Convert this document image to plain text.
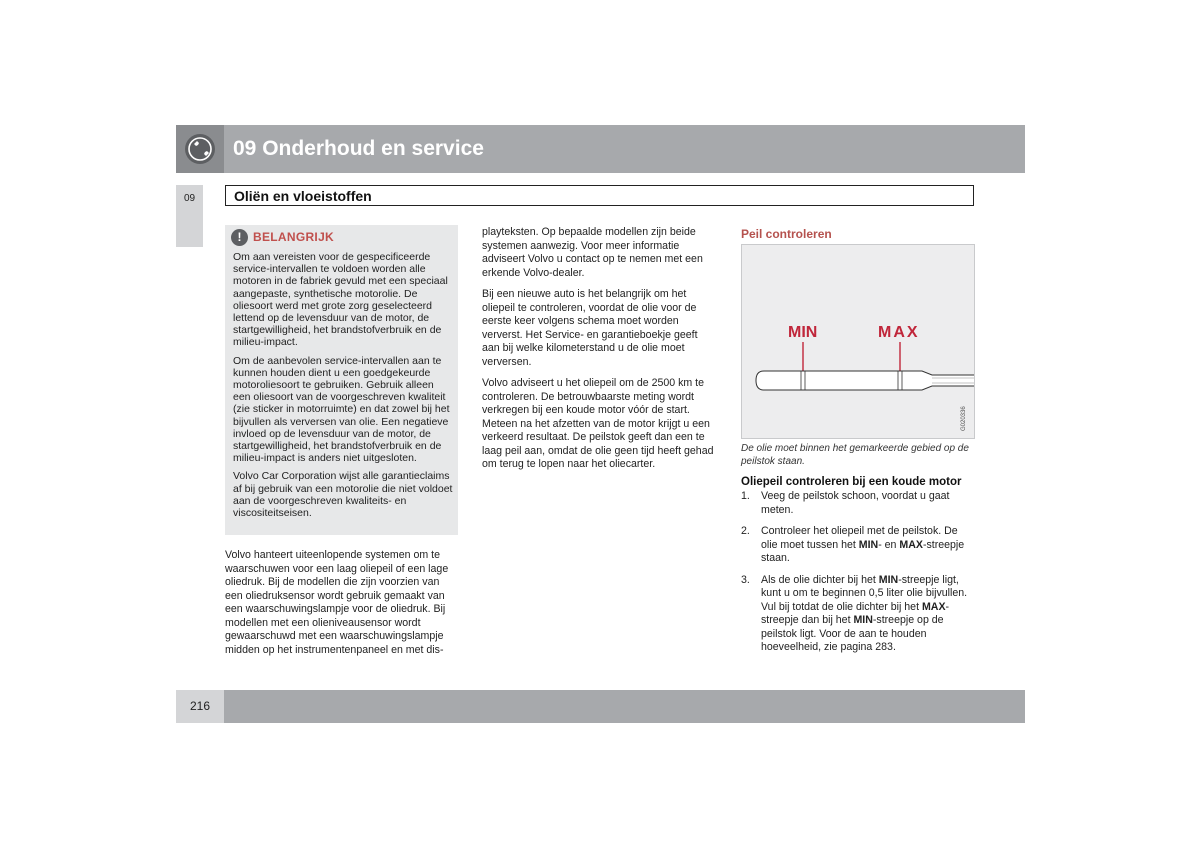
09 Onderhoud en service
09	Oliën en vloeistoffen
! BELANGRIJK

Om aan vereisten voor de gespecificeerde service-intervallen te voldoen worden alle motoren in de fabriek gevuld met een speciaal aangepaste, synthetische motorolie. De oliesoort werd met grote zorg geselecteerd lettend op de levensduur van de motor, de startgewilligheid, het brandstofverbruik en de milieu-impact.

Om de aanbevolen service-intervallen aan te kunnen houden dient u een goedgekeurde motoroliesoort te gebruiken. Gebruik alleen een oliesoort van de voorgeschreven kwaliteit (zie sticker in motorruimte) en dat zowel bij het bijvullen als verversen van olie. Een negatieve invloed op de levensduur van de motor, de startgewilligheid, het brandstofverbruik en de milieu-impact is anders niet uitgesloten.

Volvo Car Corporation wijst alle garantieclaims af bij gebruik van een motorolie die niet voldoet aan de voorgeschreven kwaliteits- en viscositeitseisen.

Volvo hanteert uiteenlopende systemen om te waarschuwen voor een laag oliepeil of een lage oliedruk. Bij de modellen die zijn voorzien van een oliedruksensor wordt gebruik gemaakt van een waarschuwingslampje voor de oliedruk. Bij modellen met een olieniveausensor wordt gewaarschuwd met een waarschuwingslampje midden op het instrumentenpaneel en met dis-

playteksten. Op bepaalde modellen zijn beide systemen aanwezig. Voor meer informatie adviseert Volvo u contact op te nemen met een erkende Volvo-dealer.

Bij een nieuwe auto is het belangrijk om het oliepeil te controleren, voordat de olie voor de eerste keer volgens schema moet worden ververst. Het Service- en garantieboekje geeft aan bij welke kilometerstand u de olie moet verversen.

Volvo adviseert u het oliepeil om de 2500 km te controleren. De betrouwbaarste meting wordt verkregen bij een koude motor vóór de start. Meteen na het afzetten van de motor krijgt u een verkeerd resultaat. De peilstok geeft dan een te laag peil aan, omdat de olie geen tijd heeft gehad om terug te lopen naar het oliecarter.

Peil controleren
MIN	MAX
G020336
De olie moet binnen het gemarkeerde gebied op de peilstok staan.
Oliepeil controleren bij een koude motor
1. Veeg de peilstok schoon, voordat u gaat meten.
2. Controleer het oliepeil met de peilstok. De olie moet tussen het MIN- en MAX-streepje staan.
3. Als de olie dichter bij het MIN-streepje ligt, kunt u om te beginnen 0,5 liter olie bijvullen. Vul bij totdat de olie dichter bij het MAX-streepje dan bij het MIN-streepje op de peilstok ligt. Voor de aan te houden hoeveelheid, zie pagina 283.
216
